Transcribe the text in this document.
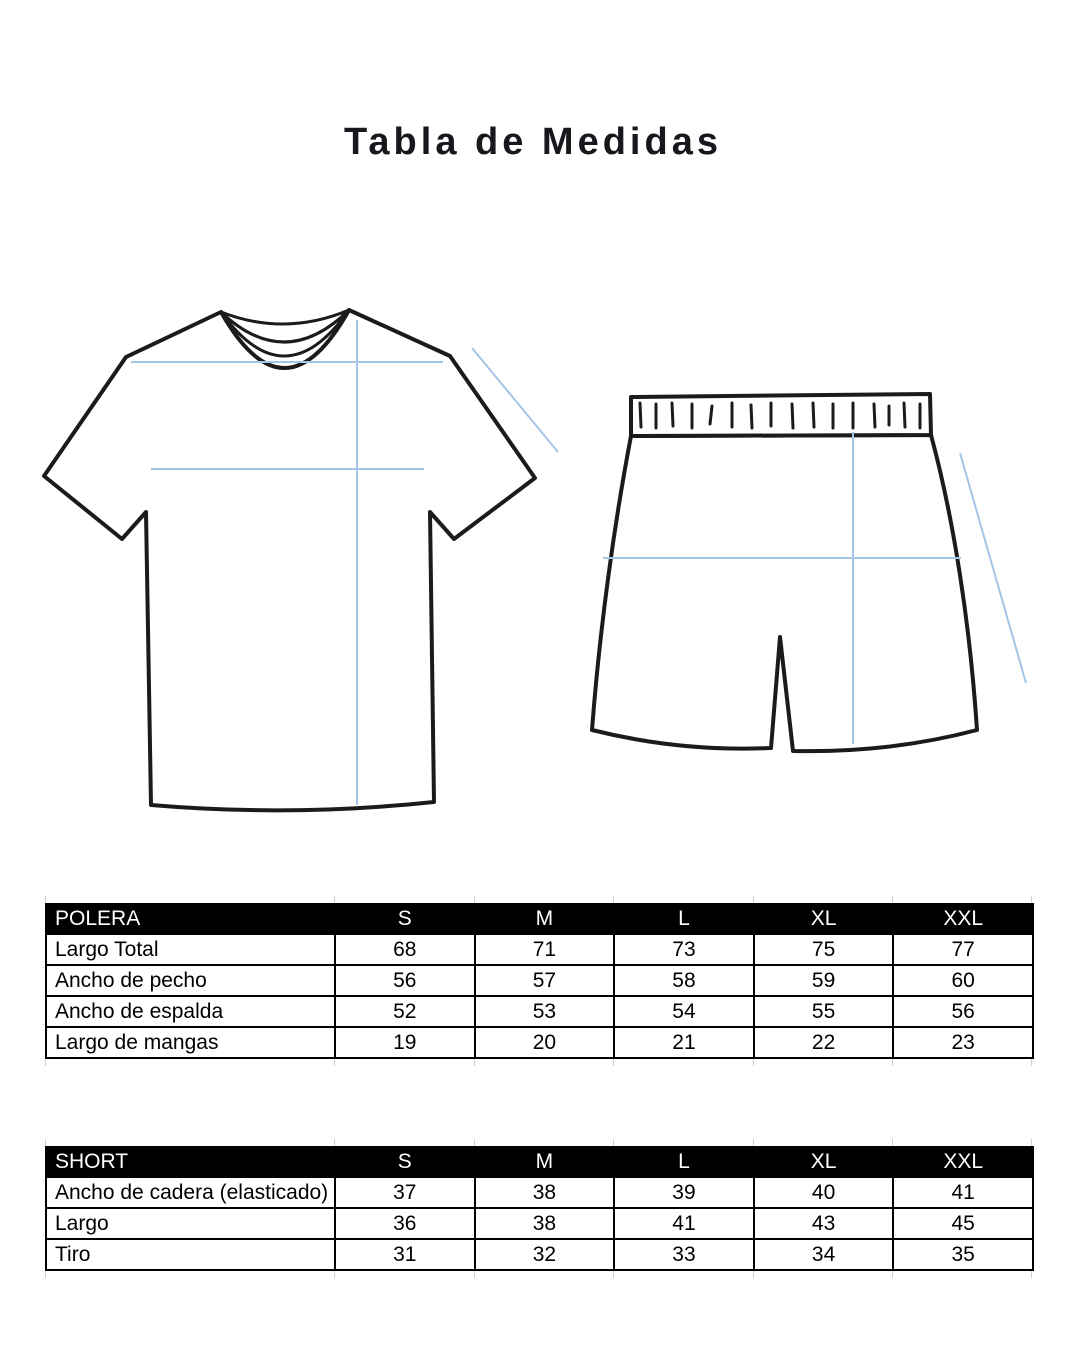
Tabla de Medidas
POLERA	S	M	L	XL	XXL
Largo Total	68	71	73	75	77
Ancho de pecho	56	57	58	59	60
Ancho de espalda	52	53	54	55	56
Largo de mangas	19	20	21	22	23
SHORT	S	M	L	XL	XXL
Ancho de cadera (elasticado)	37	38	39	40	41
Largo	36	38	41	43	45
Tiro	31	32	33	34	35
